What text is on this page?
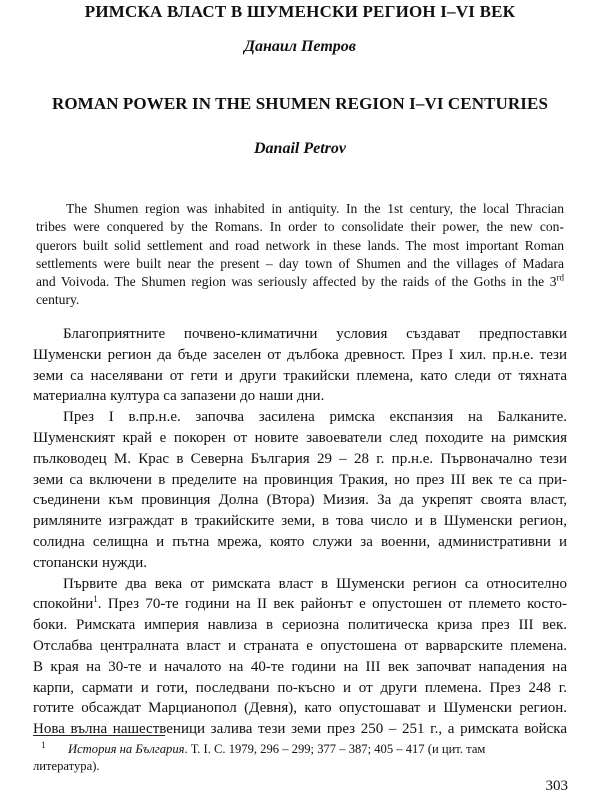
РИМСКА ВЛАСТ В ШУМЕНСКИ РЕГИОН I–VI ВЕК
Данаил Петров
ROMAN POWER IN THE SHUMEN REGION I–VI CENTURIES
Danail Petrov
The Shumen region was inhabited in antiquity. In the 1st century, the local Thracian
tribes were conquered by the Romans. In order to consolidate their power, the new con-
querors built solid settlement and road network in these lands. The most important Roman
settlements were built near the present – day town of Shumen and the villages of Madara
and Voivoda. The Shumen region was seriously affected by the raids of the Goths in the 3rd
century.
Благоприятните почвено-климатични условия създават предпоставки
Шуменски регион да бъде заселен от дълбока древност. През I хил. пр.н.е. тези
земи са населявани от гети и други тракийски племена, като следи от тяхната
материална култура са запазени до наши дни.
През I в.пр.н.е. започва засилена римска експанзия на Балканите.
Шуменският край е покорен от новите завоеватели след походите на римския
пълководец М. Крас в Северна България 29 – 28 г. пр.н.е. Първоначално тези
земи са включени в пределите на провинция Тракия, но през III век те са при-
съединени към провинция Долна (Втора) Мизия. За да укрепят своята власт,
римляните изграждат в тракийските земи, в това число и в Шуменски регион,
солидна селищна и пътна мрежа, която служи за военни, административни и
стопански нужди.
Първите два века от римската власт в Шуменски регион са относително
спокойни$^1$. През 70-те години на II век районът е опустошен от племето косто-
боки. Римската империя навлиза в сериозна политическа криза през III век.
Отслабва централната власт и страната е опустошена от варварските племена.
В края на 30-те и началото на 40-те години на III век започват нападения на
карпи, сармати и готи, последвани по-късно и от други племена. През 248 г.
готите обсаждат Марцианопол (Девня), като опустошават и Шуменски регион.
Нова вълна нашественици залива тези земи през 250 – 251 г., а римската войска
1 История на България. Т. I. С. 1979, 296 – 299; 377 – 387; 405 – 417 (и цит. там
литература).
303
